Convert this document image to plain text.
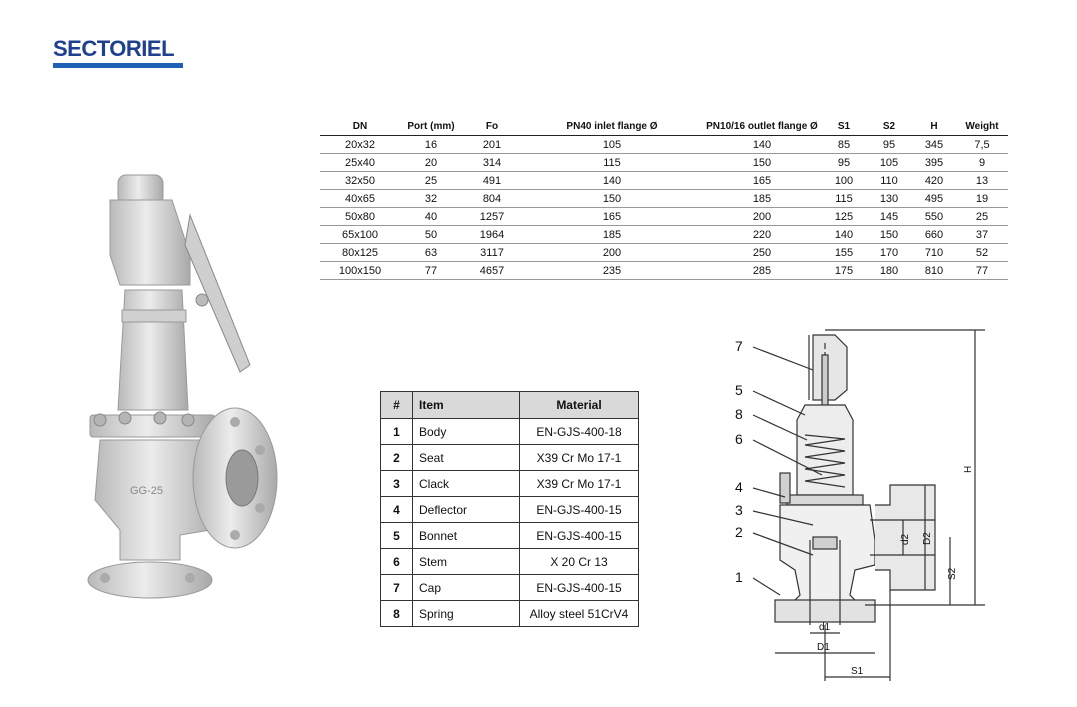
SECTORIEL
DN	Port (mm)	Fo	PN40 inlet flange Ø	PN10/16 outlet flange Ø	S1	S2	H	Weight
20x32	16	201	105	140	85	95	345	7,5
25x40	20	314	115	150	95	105	395	9
32x50	25	491	140	165	100	110	420	13
40x65	32	804	150	185	115	130	495	19
50x80	40	1257	165	200	125	145	550	25
65x100	50	1964	185	220	140	150	660	37
80x125	63	3117	200	250	155	170	710	52
100x150	77	4657	235	285	175	180	810	77
GG-25
#	Item	Material
1	Body	EN-GJS-400-18
2	Seat	X39 Cr Mo 17-1
3	Clack	X39 Cr Mo 17-1
4	Deflector	EN-GJS-400-15
5	Bonnet	EN-GJS-400-15
6	Stem	X 20 Cr 13
7	Cap	EN-GJS-400-15
8	Spring	Alloy steel 51CrV4
7
5
8
6
4
3
2
1
H
d2 D2
S2
d1
D1
S1
